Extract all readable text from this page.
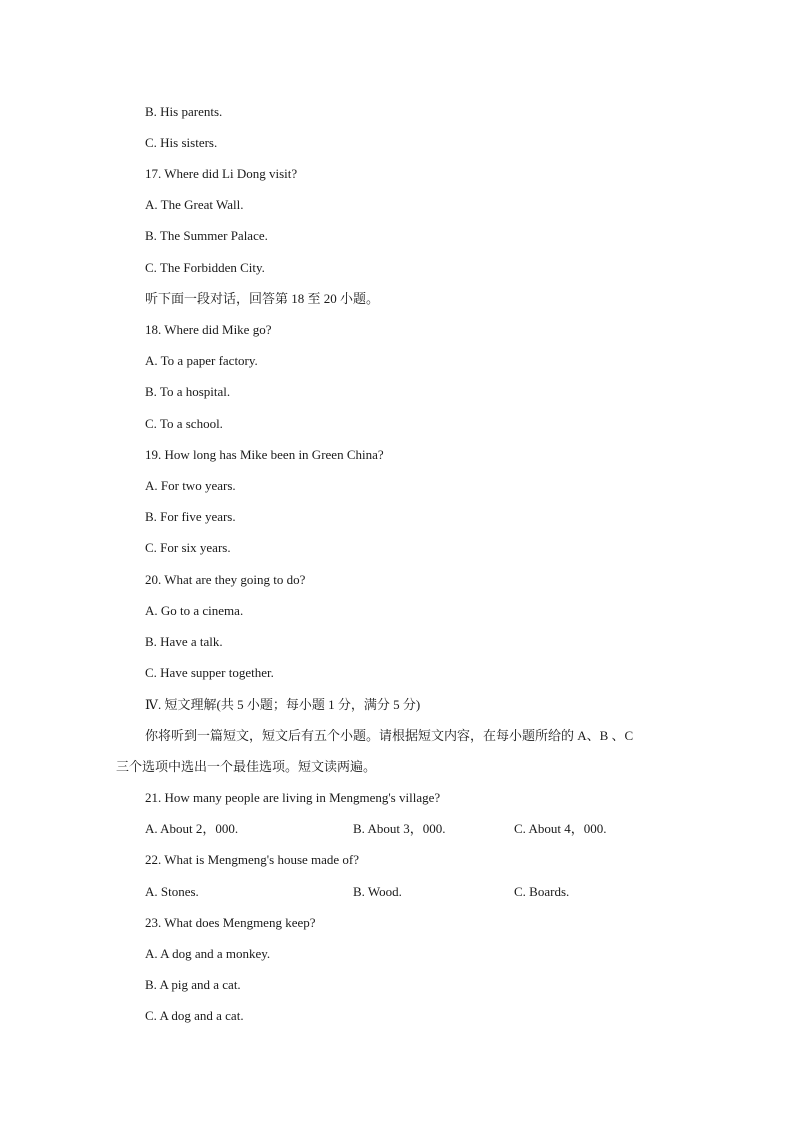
B. His parents.
C. His sisters.
17. Where did Li Dong visit?
A. The Great Wall.
B. The Summer Palace.
C. The Forbidden City.
听下面一段对话，回答第 18 至 20 小题。
18. Where did Mike go?
A. To a paper factory.
B. To a hospital.
C. To a school.
19. How long has Mike been in Green China?
A. For two years.
B. For five years.
C. For six years.
20. What are they going to do?
A. Go to a cinema.
B. Have a talk.
C. Have supper together.
Ⅳ. 短文理解(共 5 小题；每小题 1 分，满分 5 分)
你将听到一篇短文，短文后有五个小题。请根据短文内容，在每小题所给的 A、B 、C
三个选项中选出一个最佳选项。短文读两遍。
21. How many people are living in Mengmeng's village?
A. About 2，000.	B. About 3，000.	C. About 4，000.
22. What is Mengmeng's house made of?
A. Stones.	B. Wood.	C. Boards.
23. What does Mengmeng keep?
A. A dog and a monkey.
B. A pig and a cat.
C. A dog and a cat.
